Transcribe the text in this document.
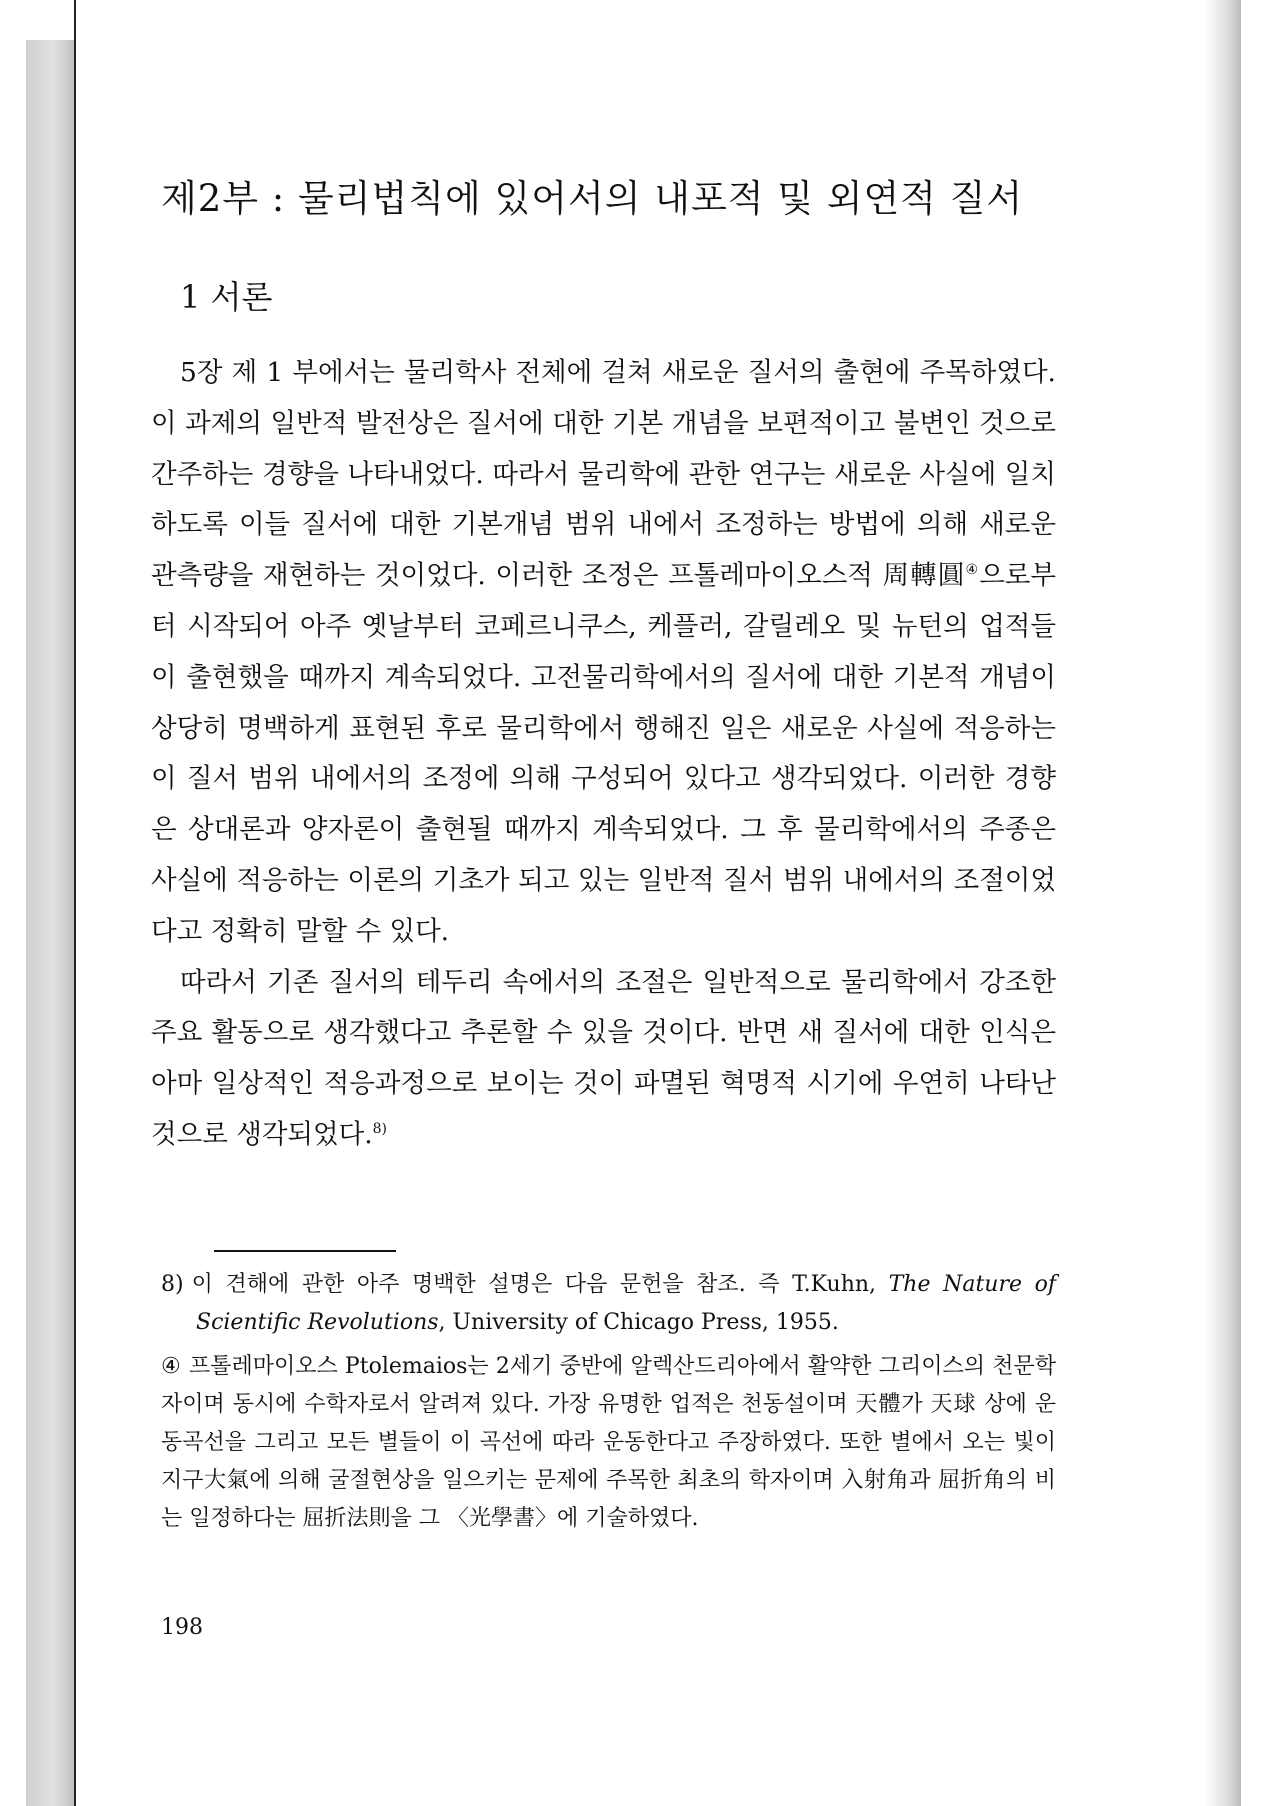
제2부 : 물리법칙에 있어서의 내포적 및 외연적 질서
1 서론

5장 제 1 부에서는 물리학사 전체에 걸쳐 새로운 질서의 출현에 주목하였다. 이 과제의 일반적 발전상은 질서에 대한 기본 개념을 보편적이고 불변인 것으로 간주하는 경향을 나타내었다. 따라서 물리학에 관한 연구는 새로운 사실에 일치하도록 이들 질서에 대한 기본개념 범위 내에서 조정하는 방법에 의해 새로운 관측량을 재현하는 것이었다. 이러한 조정은 프톨레마이오스적 周轉圓④으로부터 시작되어 아주 옛날부터 코페르니쿠스, 케플러, 갈릴레오 및 뉴턴의 업적들이 출현했을 때까지 계속되었다. 고전물리학에서의 질서에 대한 기본적 개념이 상당히 명백하게 표현된 후로 물리학에서 행해진 일은 새로운 사실에 적응하는 이 질서 범위 내에서의 조정에 의해 구성되어 있다고 생각되었다. 이러한 경향은 상대론과 양자론이 출현될 때까지 계속되었다. 그 후 물리학에서의 주종은 사실에 적응하는 이론의 기초가 되고 있는 일반적 질서 범위 내에서의 조절이었다고 정확히 말할 수 있다.

따라서 기존 질서의 테두리 속에서의 조절은 일반적으로 물리학에서 강조한 주요 활동으로 생각했다고 추론할 수 있을 것이다. 반면 새 질서에 대한 인식은 아마 일상적인 적응과정으로 보이는 것이 파멸된 혁명적 시기에 우연히 나타난 것으로 생각되었다.$^{8)}$

8) 이 견해에 관한 아주 명백한 설명은 다음 문헌을 참조. 즉 T.Kuhn, The Nature of Scientific Revolutions, University of Chicago Press, 1955.

④ 프톨레마이오스 Ptolemaios는 2세기 중반에 알렉산드리아에서 활약한 그리이스의 천문학자이며 동시에 수학자로서 알려져 있다. 가장 유명한 업적은 천동설이며 天體가 天球 상에 운동곡선을 그리고 모든 별들이 이 곡선에 따라 운동한다고 주장하였다. 또한 별에서 오는 빛이 지구大氣에 의해 굴절현상을 일으키는 문제에 주목한 최초의 학자이며 入射角과 屈折角의 비는 일정하다는 屈折法則을 그 〈光學書〉에 기술하였다.

198
